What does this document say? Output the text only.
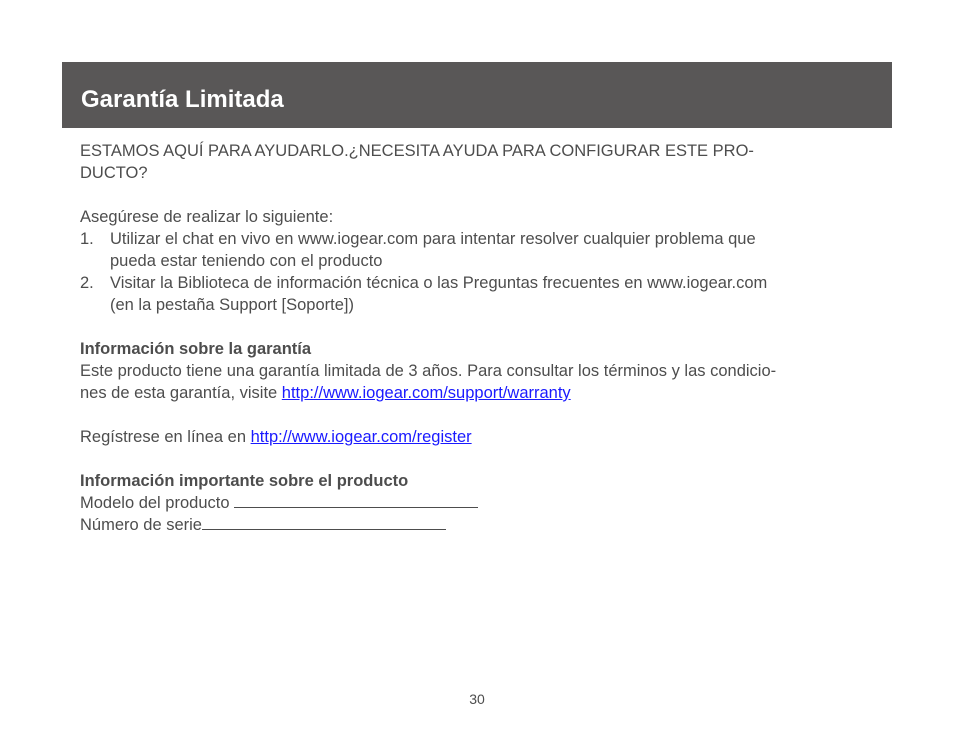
Garantía Limitada

ESTAMOS AQUÍ PARA AYUDARLO.¿NECESITA AYUDA PARA CONFIGURAR ESTE PRO-
DUCTO?

Asegúrese de realizar lo siguiente:

1. Utilizar el chat en vivo en www.iogear.com para intentar resolver cualquier problema que
pueda estar teniendo con el producto
2. Visitar la Biblioteca de información técnica o las Preguntas frecuentes en www.iogear.com
(en la pestaña Support [Soporte])

Información sobre la garantía

Este producto tiene una garantía limitada de 3 años. Para consultar los términos y las condicio-
nes de esta garantía, visite http://www.iogear.com/support/warranty

Regístrese en línea en http://www.iogear.com/register

Información importante sobre el producto

Modelo del producto

Número de serie

30
